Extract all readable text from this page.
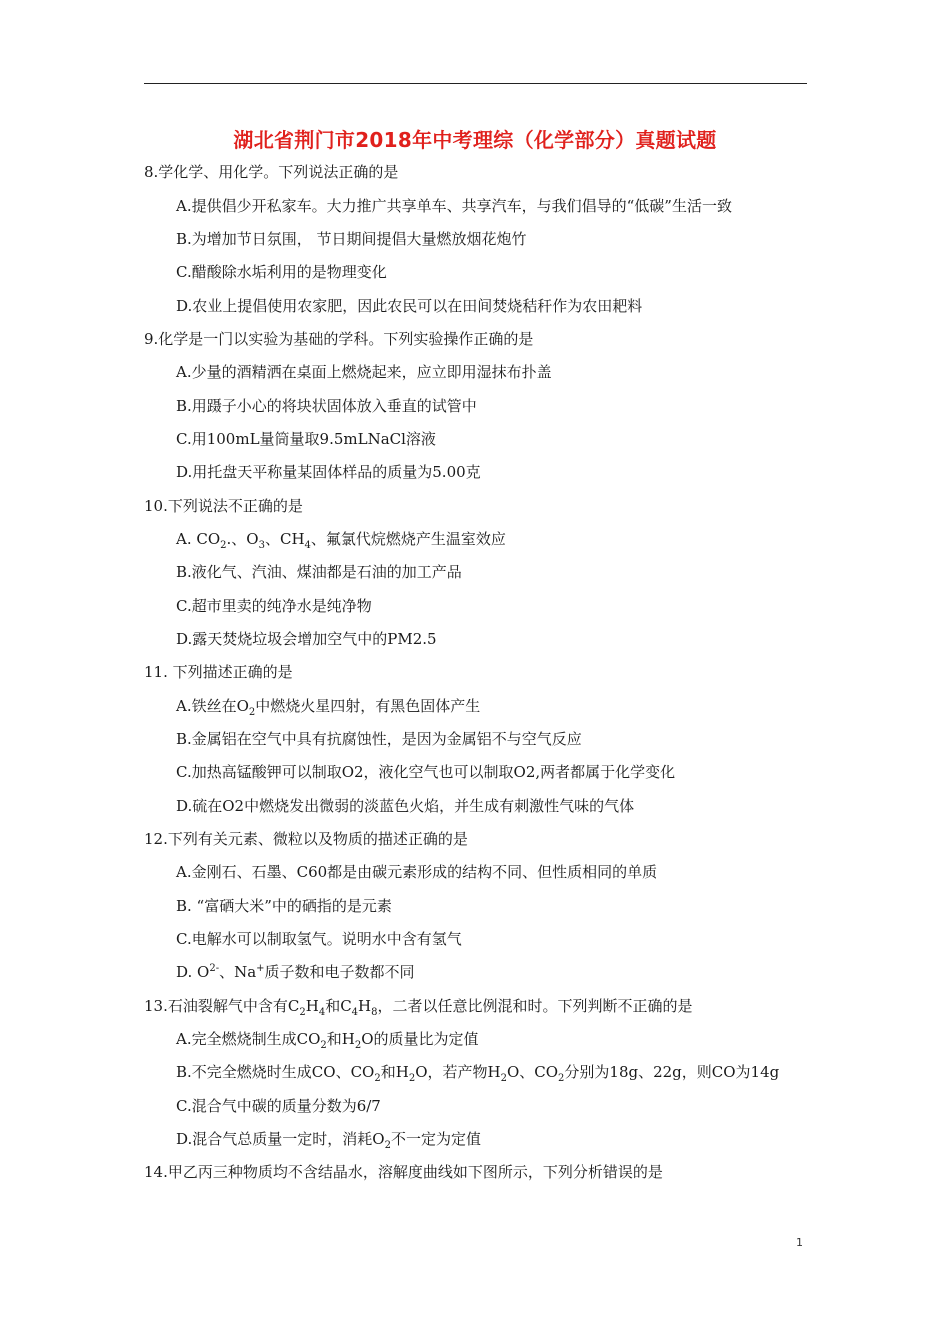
湖北省荆门市2018年中考理综（化学部分）真题试题
8.学化学、用化学。下列说法正确的是
A.提供倡少开私家车。大力推广共享单车、共享汽车，与我们倡导的“低碳”生活一致
B.为增加节日氛围， 节日期间提倡大量燃放烟花炮竹
C.醋酸除水垢利用的是物理变化
D.农业上提倡使用农家肥，因此农民可以在田间焚烧秸秆作为农田耙料
9.化学是一门以实验为基础的学科。下列实验操作正确的是
A.少量的酒精洒在桌面上燃烧起来，应立即用湿抹布扑盖
B.用蹑子小心的将块状固体放入垂直的试管中
C.用100mL量筒量取9.5mLNaCl溶液
D.用托盘天平称量某固体样品的质量为5.00克
10.下列说法不正确的是
A. $CO_2$.、$O_3$、$CH_4$、氟氯代烷燃烧产生温室效应
B.液化气、汽油、煤油都是石油的加工产品
C.超市里卖的纯净水是纯净物
D.露天焚烧垃圾会增加空气中的PM2.5
11. 下列描述正确的是
A.铁丝在$O_2$中燃烧火星四射，有黑色固体产生
B.金属铝在空气中具有抗腐蚀性，是因为金属铝不与空气反应
C.加热高锰酸钾可以制取O2，液化空气也可以制取O2,两者都属于化学变化
D.硫在O2中燃烧发出微弱的淡蓝色火焰，并生成有刺激性气味的气体
12.下列有关元素、微粒以及物质的描述正确的是
A.金刚石、石墨、C60都是由碳元素形成的结构不同、但性质相同的单质
B. “富硒大米”中的硒指的是元素
C.电解水可以制取氢气。说明水中含有氢气
D. $O^{2-}$、Na+质子数和电子数都不同
13.石油裂解气中含有$C_2H_4$和$C_4H_8$，二者以任意比例混和时。下列判断不正确的是
A.完全燃烧制生成$CO_2$和$H_2O$的质量比为定值
B.不完全燃烧时生成CO、$CO_2$和$H_2O$，若产物$H_2O$、$CO_2$分别为18g、22g，则CO为14g
C.混合气中碳的质量分数为6/7
D.混合气总质量一定时，消耗$O_2$不一定为定值
14.甲乙丙三种物质均不含结晶水，溶解度曲线如下图所示，下列分析错误的是
1
